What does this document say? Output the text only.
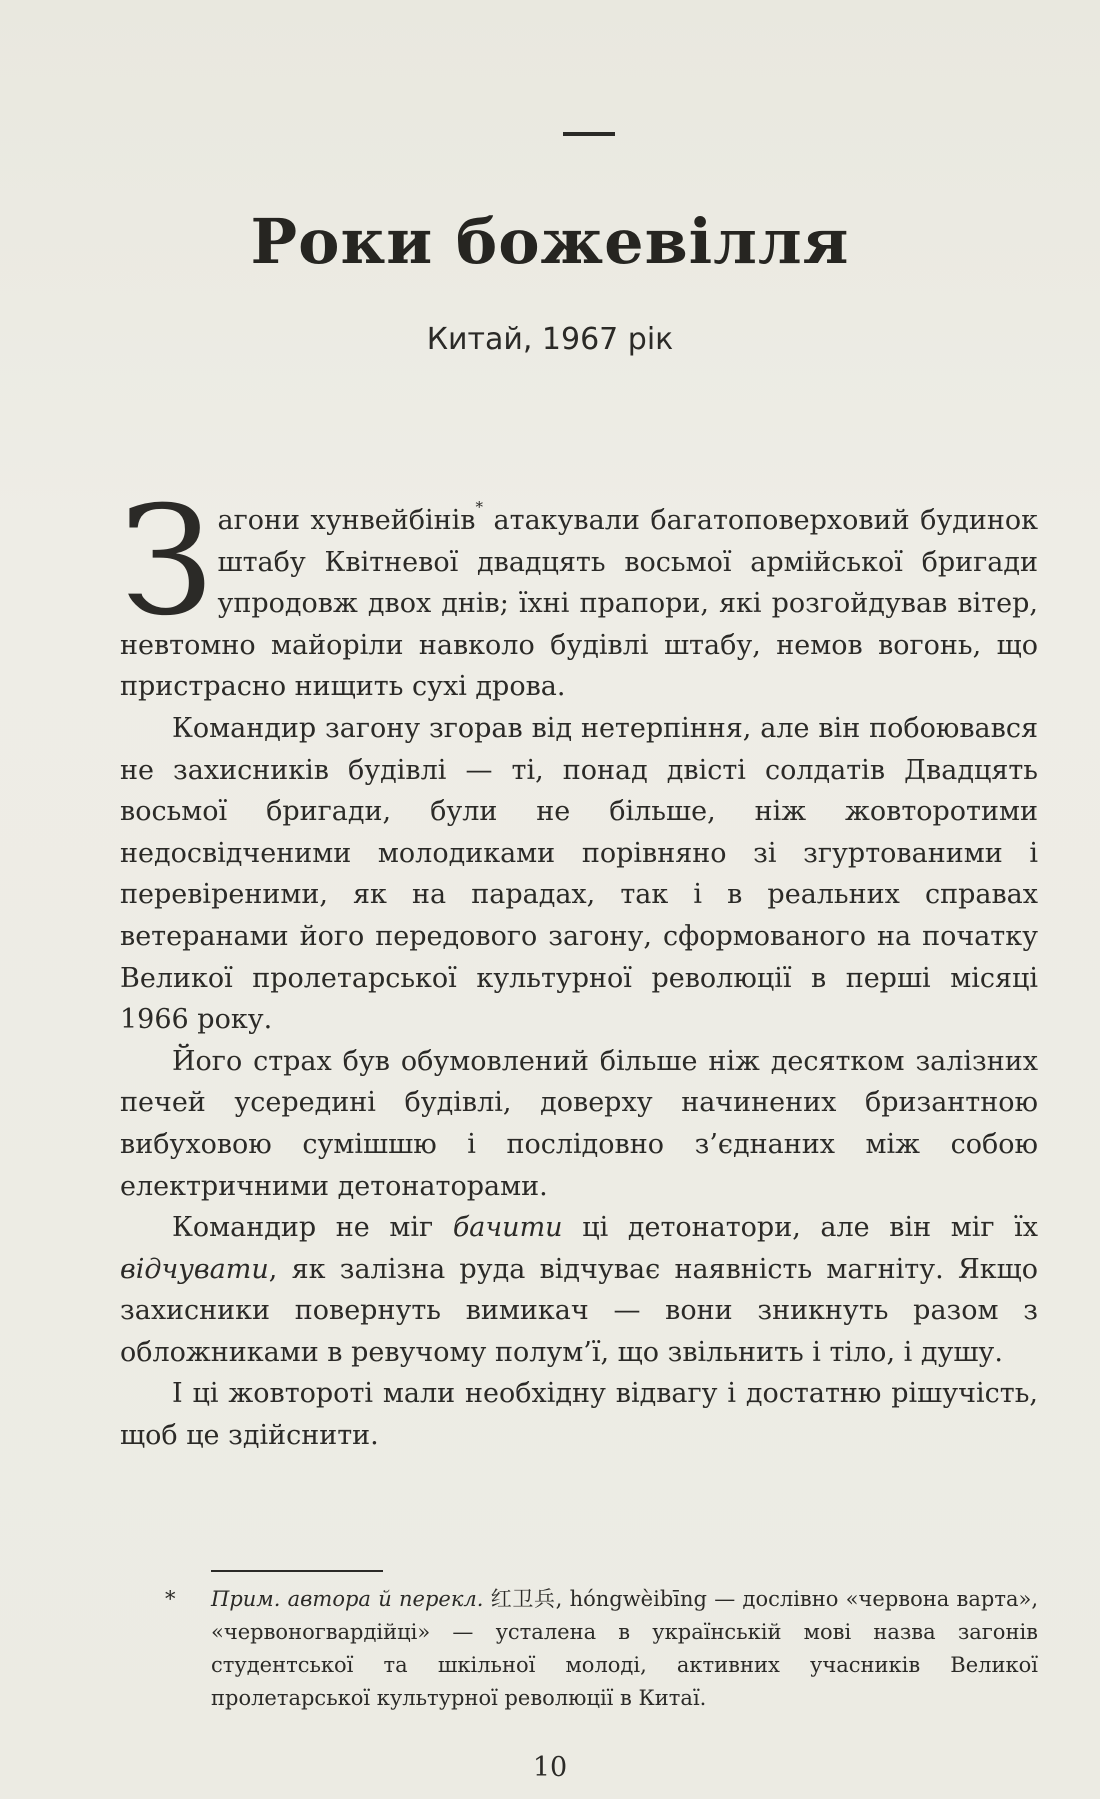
Роки божевілля
Китай, 1967 рік

Загони хунвейбінів* атакували багатоповерховий будинок штабу Квітневої двадцять восьмої армійської бригади упродовж двох днів; їхні прапори, які розгойдував вітер, невтомно майоріли навколо будівлі штабу, немов вогонь, що пристрасно нищить сухі дрова.

Командир загону згорав від нетерпіння, але він побоювався не захисників будівлі — ті, понад двісті солдатів Двадцять восьмої бригади, були не більше, ніж жовторотими недосвідченими молодиками порівняно зі згуртованими і перевіреними, як на парадах, так і в реальних справах ветеранами його передового загону, сформованого на початку Великої пролетарської культурної революції в перші місяці 1966 року.

Його страх був обумовлений більше ніж десятком залізних печей усередині будівлі, доверху начинених бризантною вибуховою сумішшю і послідовно з’єднаних між собою електричними детонаторами.

Командир не міг бачити ці детонатори, але він міг їх відчувати, як залізна руда відчуває наявність магніту. Якщо захисники повернуть вимикач — вони зникнуть разом з обложниками в ревучому полум’ї, що звільнить і тіло, і душу.

І ці жовтороті мали необхідну відвагу і достатню рішучість, щоб це здійснити.

* Прим. автора й перекл. 红卫兵, hóngwèibīng — дослівно «червона варта», «червоногвардійці» — усталена в українській мові назва загонів студентської та шкільної молоді, активних учасників Великої пролетарської культурної революції в Китаї.
10
